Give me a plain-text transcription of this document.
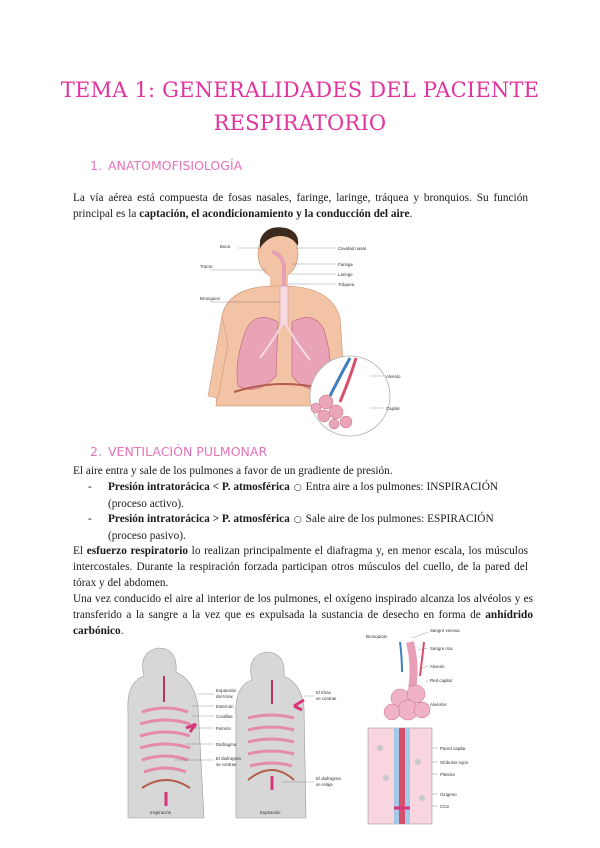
TEMA 1: GENERALIDADES DEL PACIENTE
RESPIRATORIO
1. ANATOMOFISIOLOGÍA
La vía aérea está compuesta de fosas nasales, faringe, laringe, tráquea y bronquios. Su función principal es la captación, el acondicionamiento y la conducción del aire.
Cavidad nasal
Faringe
Laringe
Tráquea
Boca
Tracto
Bronquios
Alvéolo
Capilar
2. VENTILACIÓN PULMONAR
El aire entra y sale de los pulmones a favor de un gradiente de presión.
- Presión intratorácica < P. atmosférica ○ Entra aire a los pulmones: INSPIRACIÓN (proceso activo).
- Presión intratorácica > P. atmosférica ○ Sale aire de los pulmones: ESPIRACIÓN (proceso pasivo).
El esfuerzo respiratorio lo realizan principalmente el diafragma y, en menor escala, los músculos intercostales. Durante la respiración forzada participan otros músculos del cuello, de la pared del tórax y del abdomen.
Una vez conducido el aire al interior de los pulmones, el oxígeno inspirado alcanza los alvéolos y es transferido a la sangre a la vez que es expulsada la sustancia de desecho en forma de anhídrido carbónico.
Expansión
del tórax
Esternón
Costillas
Pulmón
Diafragma
El diafragma
se contrae
El tórax
se contrae
El diafragma
se relaja
Inspiración	Espiración
Bronquiolo
Sangre venosa
Sangre rica
Alveolo
Red capilar
Alvéolos
Pared capilar
Glóbulos rojos
Plasma
Oxígeno
CO2
